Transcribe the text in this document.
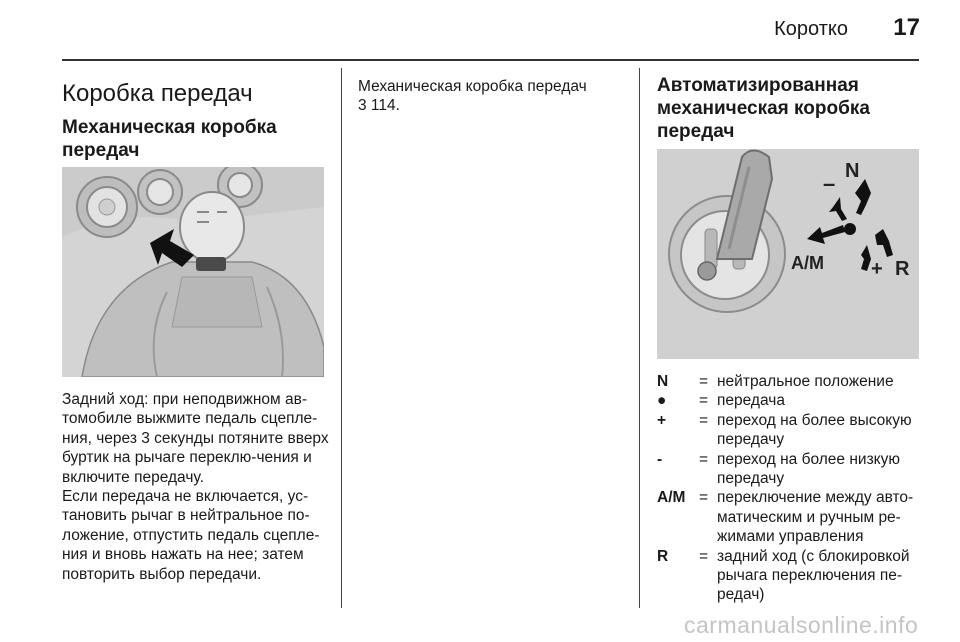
Коротко	17
Коробка передач
Механическая коробка передач
Задний ход: при неподвижном ав-томобиле выжмите педаль сцепле-ния, через 3 секунды потяните вверх буртик на рычаге переклю-чения и включите передачу.
Если передача не включается, ус-тановить рычаг в нейтральное по-ложение, отпустить педаль сцепле-ния и вновь нажать на нее; затем повторить выбор передачи.
Механическая коробка передач
3 114.
Автоматизированная механическая коробка передач
N
–
A/M + R
N	= нейтральное положение
●	= передача
+	= переход на более высокую передачу
-	= переход на более низкую передачу
A/M = переключение между авто-матическим и ручным ре-жимами управления
R	= задний ход (с блокировкой рычага переключения пе-редач)
carmanualsonline.info
